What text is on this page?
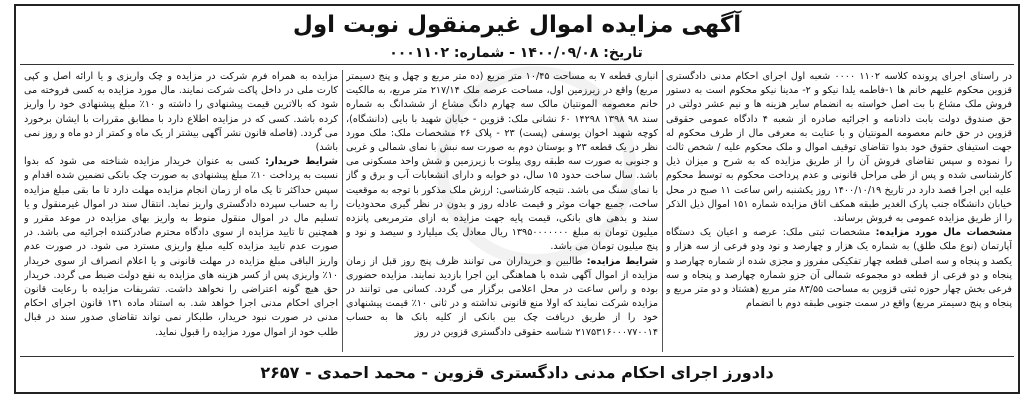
آگهی مزایده اموال غیرمنقول نوبت اول
تاریخ: ۱۴۰۰/۰۹/۰۸ - شماره: ۰۰۰۱۱۰۲

در راستای اجرای پرونده کلاسه ۱۱۰۲ ۰۰۰۰ شعبه اول اجرای احکام مدنی دادگستری قزوین محکوم علیهم خانم ها ۱-فاطمه یلدا نیکو و ۲- مدینا نیکو محکوم است به دستور فروش ملک مشاع با بت اصل خواسته به انضمام سایر هزینه ها و نیم عشر دولتی در حق صندوق دولت بابت دادنامه و اجرائیه صادره از شعبه ۴ دادگاه عمومی حقوقی قزوین در حق خانم معصومه المونتیان و با عنایت به معرفی مال از طرف محکوم له جهت استیفای حقوق خود بدوا تقاضای توقیف اموال و ملک محکوم علیه / شخص ثالث را نموده و سپس تقاضای فروش آن را از طریق مزایده که به شرح و میزان ذیل کارشناسی شده و پس از طی مراحل قانونی و عدم پرداخت محکوم به توسط محکوم علیه این اجرا قصد دارد در تاریخ ۱۴۰۰/۱۰/۱۹ روز یکشنبه راس ساعت ۱۱ صبح در محل خیابان دانشگاه جنب پارک الغدیر طبقه همکف اتاق مزایده شماره ۱۵۱ اموال ذیل الذکر را از طریق مزایده عمومی به فروش برساند.

مشخصات مال مورد مزایده: مشخصات ثبتی ملک: عرصه و اعیان یک دستگاه آپارتمان (نوع ملک طلق) به شماره یک هزار و چهارصد و نود ودو فرعی از سه هزار و یکصد و پنجاه و سه اصلی قطعه چهار تفکیکی مفروز و مجزی شده از شماره چهارصد و پنجاه و دو فرعی از قطعه دو مجموعه شمالی آن جزو شماره چهارصد و پنجاه و سه فرعی بخش چهار حوزه ثبتی قزوین به مساحت ۸۳/۵۵ متر مربع (هشتاد و دو متر مربع و پنجاه و پنج دسیمتر مربع) واقع در سمت جنوبی طبقه دوم با انضمام

انباری قطعه ۷ به مساحت ۱۰/۴۵ متر مربع (ده متر مربع و چهل و پنج دسیمتر مربع) واقع در زیرزمین اول، مساحت عرصه ملک ۲۱۷/۱۴ متر مربع، به مالکیت خانم معصومه المونتیان مالک سه چهارم دانگ مشاع از ششدانگ به شماره سند ۹۸ ۱۳۹۸ ۱۴۲۹۸ ۶۰ نشانی ملک: قزوین - خیابان شهید با بایی (دانشگاه)، کوچه شهید اخوان یوسفی (پست) ۲۳ - پلاک ۲۶ مشخصات ملک: ملک مورد نظر در یک قطعه ۲۳ و بوستان دوم به صورت سه نبش با نمای شمالی و غربی و جنوبی به صورت سه طبقه روی پیلوت با زیرزمین و شش واحد مسکونی می باشد. سال ساخت حدود ۱۵ سال، دو خوابه و دارای انشعابات آب و برق و گاز با نمای سنگ می باشد. نتیجه کارشناسی: ارزش ملک مذکور با توجه به موقعیت ساخت، جمیع جهات موثر و قیمت عادله روز و بدون در نظر گیری محدودیات سند و بدهی های بانکی، قیمت پایه جهت مزایده به ازای مترمربعی پانزده میلیون تومان به مبلغ ۱۳۹۵۰۰۰۰۰۰۰ ریال معادل یک میلیارد و سیصد و نود و پنج میلیون تومان می باشد.

شرایط مزایده: طالبین و خریداران می توانند ظرف پنج روز قبل از زمان مزایده از اموال آگهی شده با هماهنگی این اجرا بازدید نمایند. مزایده حضوری بوده و راس ساعت در محل اعلامی برگزار می گردد. کسانی می توانند در مزایده شرکت نمایند که اولا منع قانونی نداشته و در ثانی ۱۰٪ قیمت پیشنهادی خود را از طریق دریافت چک بین بانکی از کلیه بانک ها به حساب ۲۱۷۵۳۱۶۰۰۰۷۷۰۰۱۴ شناسه حقوقی دادگستری قزوین در روز

مزایده به همراه فرم شرکت در مزایده و چک واریزی و یا ارائه اصل و کپی کارت ملی در داخل پاکت شرکت نمایند. مال مورد مزایده به کسی فروخته می شود که بالاترین قیمت پیشنهادی را داشته و ۱۰٪ مبلغ پیشنهادی خود را واریز کرده باشد. کسی که در مزایده اطلاع دارد با مطابق مقررات با ایشان برخورد می گردد. (فاصله قانون نشر آگهی بیشتر از یک ماه و کمتر از دو ماه و روز نمی باشد)

شرایط خریدار: کسی به عنوان خریدار مزایده شناخته می شود که بدوا نسبت به پرداخت ۱۰٪ مبلغ پیشنهادی به صورت چک بانکی تضمین شده اقدام و سپس حداکثر تا یک ماه از زمان انجام مزایده مهلت دارد تا ما بقی مبلغ مزایده را به حساب سپرده دادگستری واریز نماید. انتقال سند در اموال غیرمنقول و یا تسلیم مال در اموال منقول منوط به واریز بهای مزایده در موعد مقرر و همچنین تا تایید مزایده از سوی دادگاه محترم صادرکننده اجرائیه می باشد. در صورت عدم تایید مزایده کلیه مبلغ واریزی مسترد می شود. در صورت عدم واریز الباقی مبلغ مزایده در مهلت قانونی و یا اعلام انصراف از سوی خریدار ۱۰٪ واریزی پس از کسر هزینه های مزایده به نفع دولت ضبط می گردد. خریدار حق هیچ گونه اعتراضی را نخواهد داشت. تشریفات مزایده با رعایت قانون اجرای احکام مدنی اجرا خواهد شد. به استناد ماده ۱۳۱ قانون اجرای احکام مدنی در صورت نبود خریدار، طلبکار نمی تواند تقاضای صدور سند در قبال طلب خود از اموال مورد مزایده را قبول نماید.

دادورز اجرای احکام مدنی دادگستری قزوین - محمد احمدی - ۲۶۵۷
